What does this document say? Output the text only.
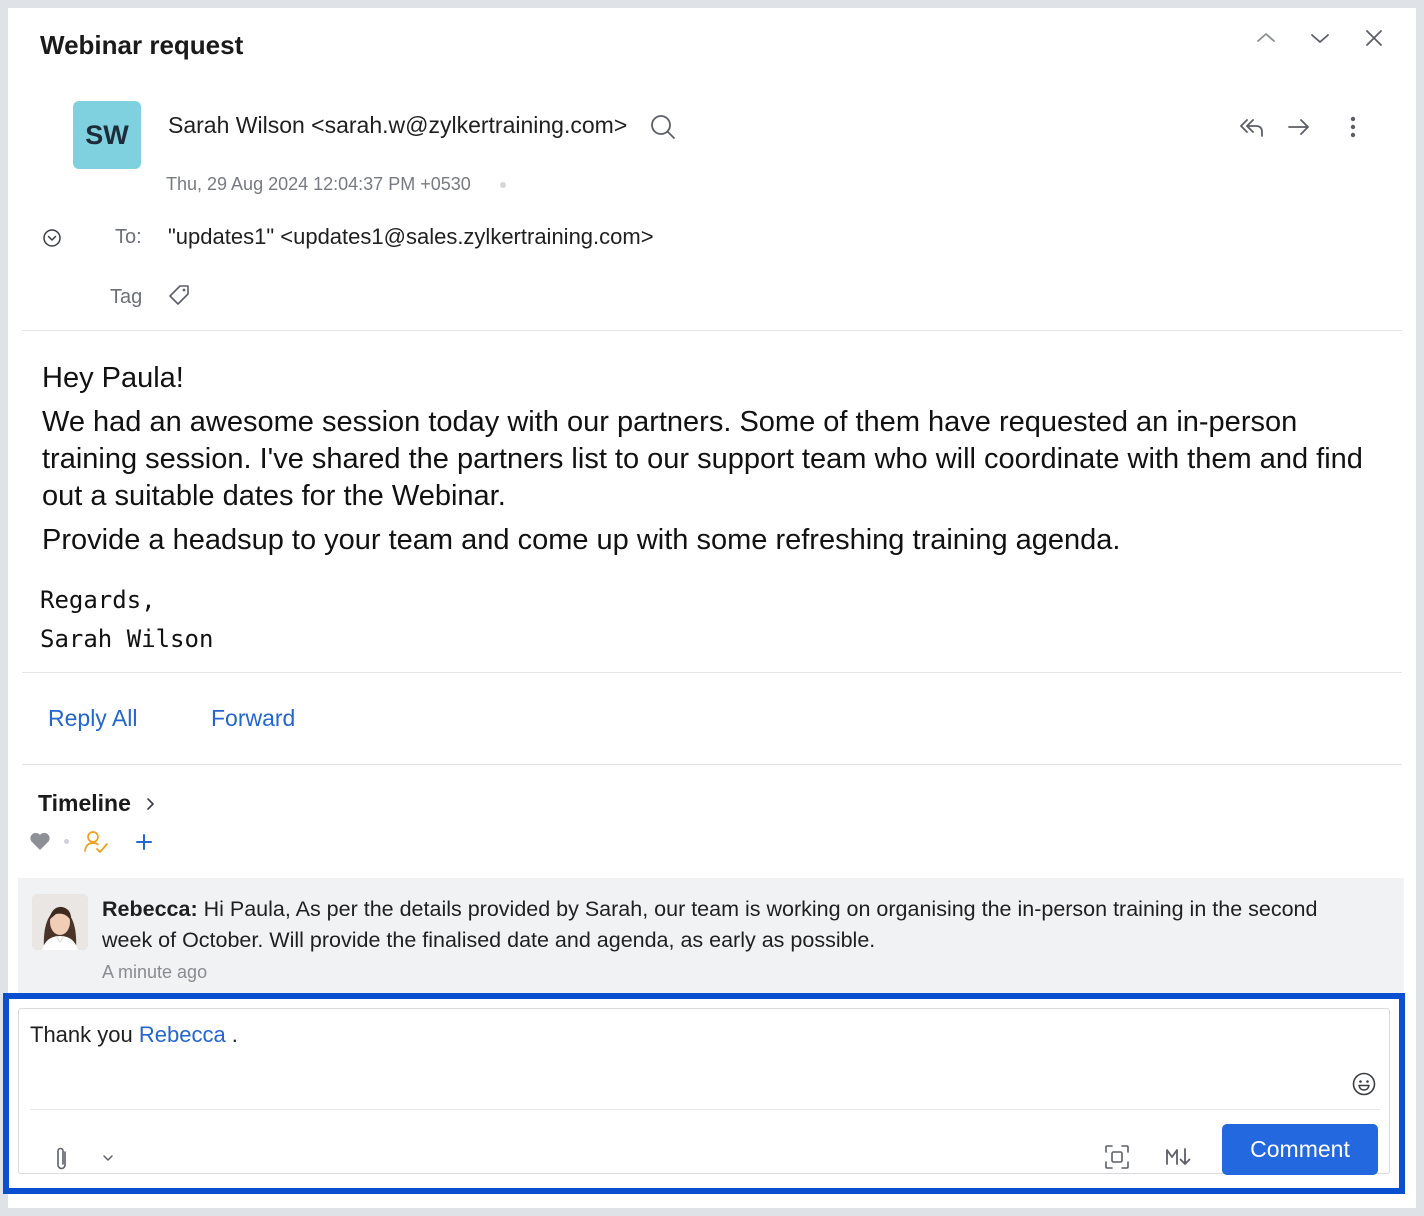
Webinar request
SW	Sarah Wilson <sarah.w@zylkertraining.com>
Thu, 29 Aug 2024 12:04:37 PM +0530
To: "updates1" <updates1@sales.zylkertraining.com>
Tag

Hey Paula!

We had an awesome session today with our partners. Some of them have requested an in-person training session. I've shared the partners list to our support team who will coordinate with them and find out a suitable dates for the Webinar.

Provide a headsup to your team and come up with some refreshing training agenda.

Regards,
Sarah Wilson
Reply All	Forward
Timeline
Rebecca: Hi Paula, As per the details provided by Sarah, our team is working on organising the in-person training in the second week of October. Will provide the finalised date and agenda, as early as possible.
A minute ago
Thank you Rebecca .
Comment
